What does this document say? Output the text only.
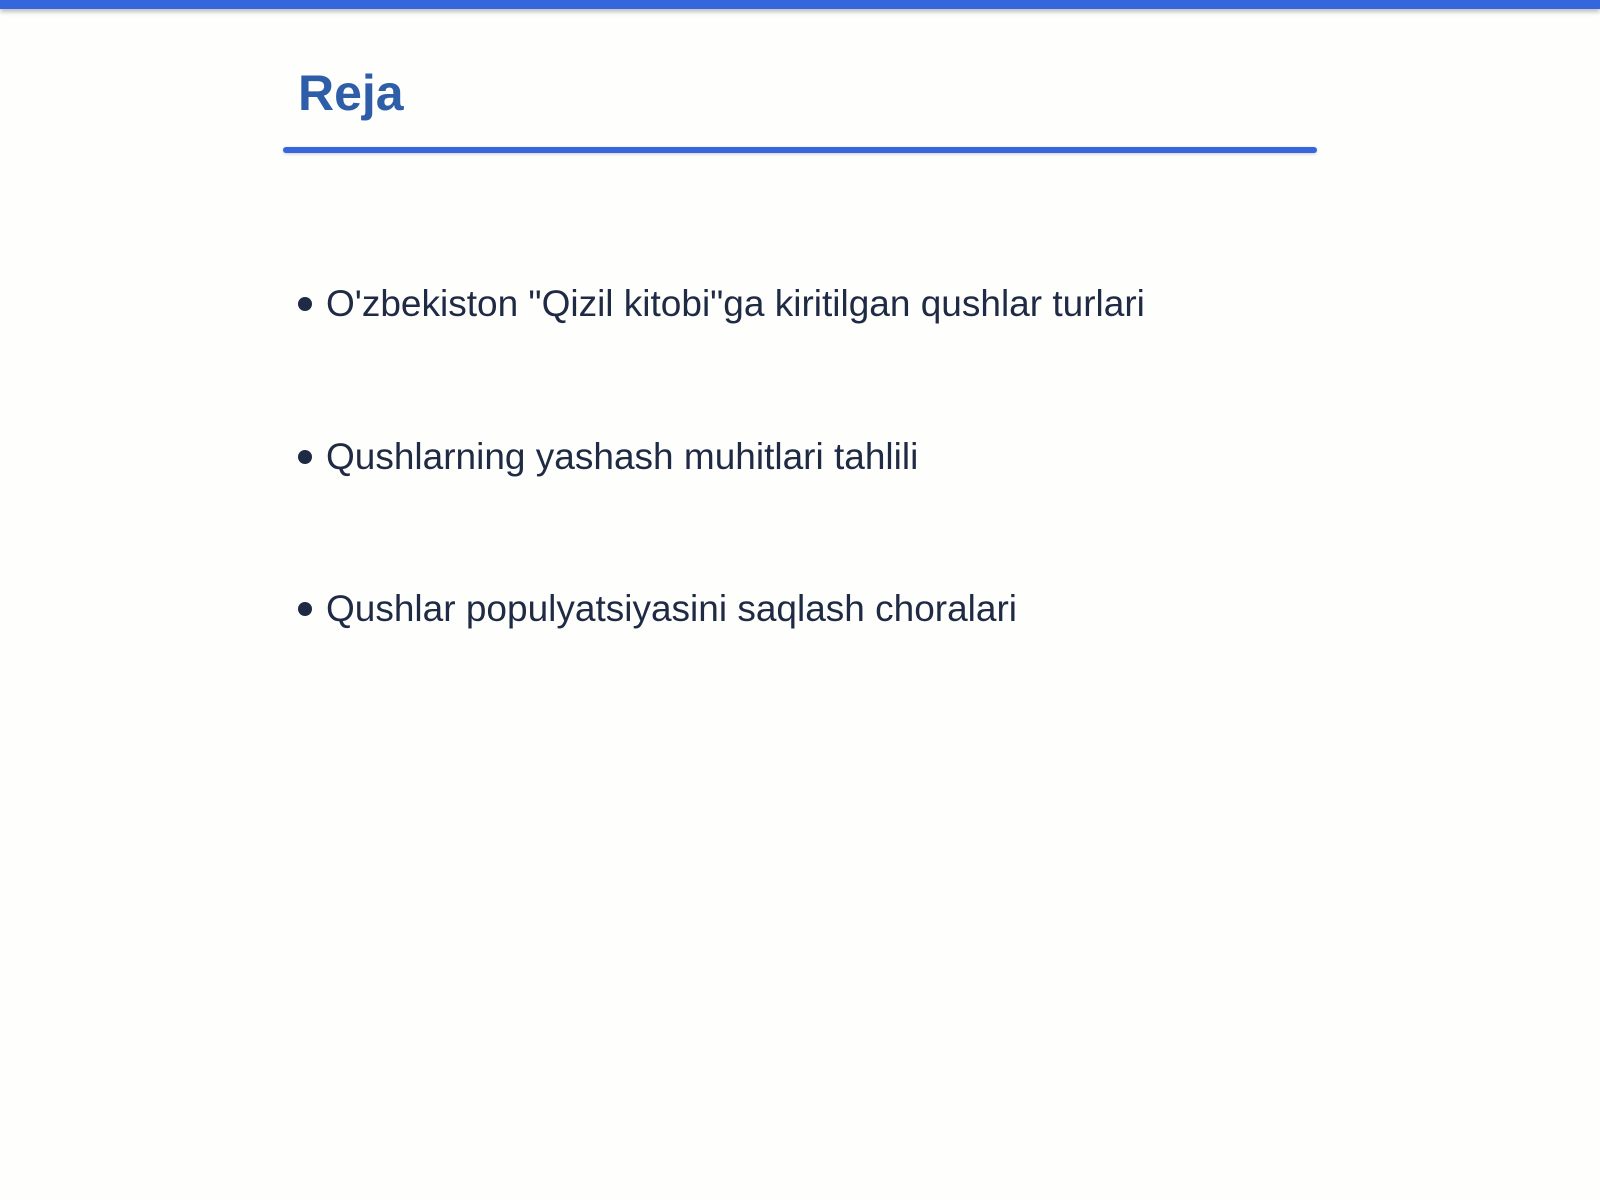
Reja
O'zbekiston "Qizil kitobi"ga kiritilgan qushlar turlari
Qushlarning yashash muhitlari tahlili
Qushlar populyatsiyasini saqlash choralari
